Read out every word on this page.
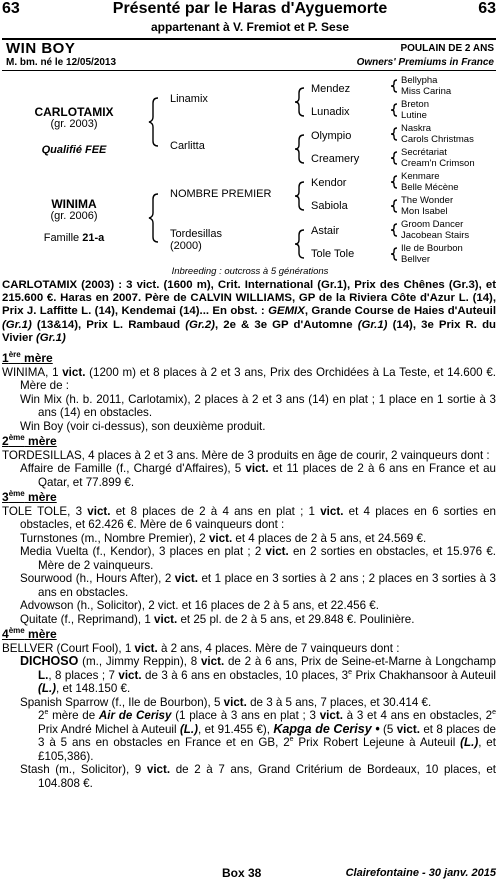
Présenté par le Haras d'Ayguemorte
63	63
appartenant à V. Fremiot et P. Sese
WIN BOY	POULAIN DE 2 ANS
M. bm. né le 12/05/2013	Owners' Premiums in France
CARLOTAMIX
(gr. 2003)
Qualifié FEE
WINIMA
(gr. 2006)
Famille 21-a
Linamix
Carlitta
NOMBRE PREMIER
Tordesillas
(2000)
Mendez
Lunadix
Olympio
Creamery
Kendor
Sabiola
Astair
Tole Tole
Bellypha
Miss Carina
Breton
Lutine
Naskra
Carols Christmas
Secrétariat
Cream'n Crimson
Kenmare
Belle Mécène
The Wonder
Mon Isabel
Groom Dancer
Jacobean Stairs
Ile de Bourbon
Bellver
Inbreeding : outcross à 5 générations

CARLOTAMIX (2003) : 3 vict. (1600 m), Crit. International (Gr.1), Prix des Chênes (Gr.3), et 215.600 €. Haras en 2007. Père de CALVIN WILLIAMS, GP de la Riviera Côte d'Azur L. (14), Prix J. Laffitte L. (14), Kendemai (14)... En obst. : GEMIX, Grande Course de Haies d'Auteuil (Gr.1) (13&14), Prix L. Rambaud (Gr.2), 2e & 3e GP d'Automne (Gr.1) (14), 3e Prix R. du Vivier (Gr.1)

1ère mère

WINIMA, 1 vict. (1200 m) et 8 places à 2 et 3 ans, Prix des Orchidées à La Teste, et 14.600 €. Mère de :

Win Mix (h. b. 2011, Carlotamix), 2 places à 2 et 3 ans (14) en plat ; 1 place en 1 sortie à 3 ans (14) en obstacles.

Win Boy (voir ci-dessus), son deuxième produit.

2ème mère

TORDESILLAS, 4 places à 2 et 3 ans. Mère de 3 produits en âge de courir, 2 vainqueurs dont :

Affaire de Famille (f., Chargé d'Affaires), 5 vict. et 11 places de 2 à 6 ans en France et au Qatar, et 77.899 €.

3ème mère

TOLE TOLE, 3 vict. et 8 places de 2 à 4 ans en plat ; 1 vict. et 4 places en 6 sorties en obstacles, et 62.426 €. Mère de 6 vainqueurs dont :

Turnstones (m., Nombre Premier), 2 vict. et 4 places de 2 à 5 ans, et 24.569 €.

Media Vuelta (f., Kendor), 3 places en plat ; 2 vict. en 2 sorties en obstacles, et 15.976 €. Mère de 2 vainqueurs.

Sourwood (h., Hours After), 2 vict. et 1 place en 3 sorties à 2 ans ; 2 places en 3 sorties à 3 ans en obstacles.

Advowson (h., Solicitor), 2 vict. et 16 places de 2 à 5 ans, et 22.456 €.

Quitate (f., Reprimand), 1 vict. et 25 pl. de 2 à 5 ans, et 29.848 €. Poulinière.

4ème mère

BELLVER (Court Fool), 1 vict. à 2 ans, 4 places. Mère de 7 vainqueurs dont :

DICHOSO (m., Jimmy Reppin), 8 vict. de 2 à 6 ans, Prix de Seine-et-Marne à Longchamp L., 8 places ; 7 vict. de 3 à 6 ans en obstacles, 10 places, 3e Prix Chakhansoor à Auteuil (L.), et 148.150 €.

Spanish Sparrow (f., Ile de Bourbon), 5 vict. de 3 à 5 ans, 7 places, et 30.414 €.

2e mère de Air de Cerisy (1 place à 3 ans en plat ; 3 vict. à 3 et 4 ans en obstacles, 2e Prix André Michel à Auteuil (L.), et 91.455 €), Kapga de Cerisy • (5 vict. et 8 places de 3 à 5 ans en obstacles en France et en GB, 2e Prix Robert Lejeune à Auteuil (L.), et £105,386).

Stash (m., Solicitor), 9 vict. de 2 à 7 ans, Grand Critérium de Bordeaux, 10 places, et 104.808 €.

Box 38	Clairefontaine - 30 janv. 2015
